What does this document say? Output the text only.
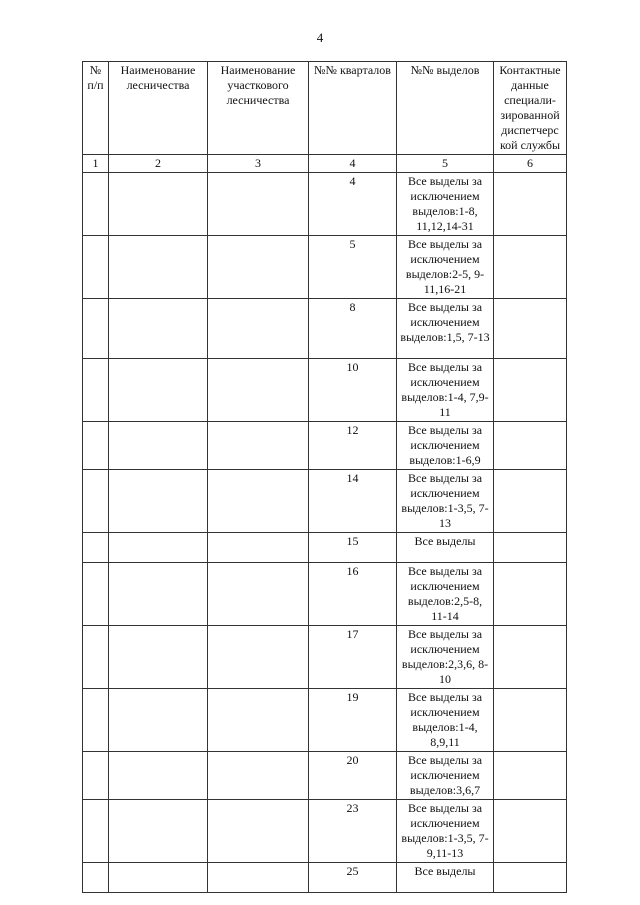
4
№ п/п	Наименование лесничества	Наименование участкового лесничества	№№ кварталов	№№ выделов	Контактные данные специали-зированной диспетчерс кой службы
1	2	3	4	5	6
			4	Все выделы за исключением выделов:1-8, 11,12,14-31	
			5	Все выделы за исключением выделов:2-5, 9-11,16-21	
			8	Все выделы за исключением выделов:1,5, 7-13	
			10	Все выделы за исключением выделов:1-4, 7,9-11	
			12	Все выделы за исключением выделов:1-6,9	
			14	Все выделы за исключением выделов:1-3,5, 7-13	
			15	Все выделы	
			16	Все выделы за исключением выделов:2,5-8, 11-14	
			17	Все выделы за исключением выделов:2,3,6, 8-10	
			19	Все выделы за исключением выделов:1-4, 8,9,11	
			20	Все выделы за исключением выделов:3,6,7	
			23	Все выделы за исключением выделов:1-3,5, 7-9,11-13	
			25	Все выделы	
